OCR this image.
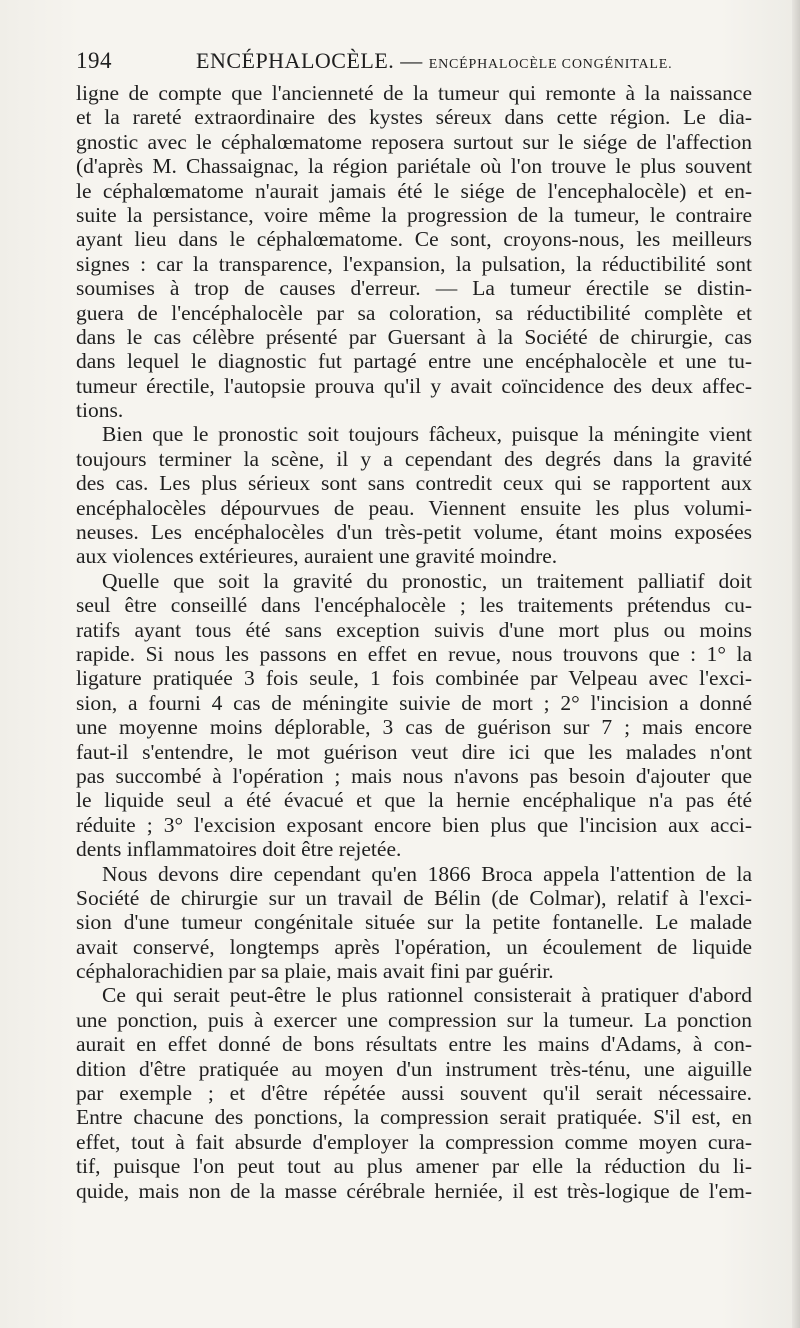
194	ENCÉPHALOCÈLE. — ENCÉPHALOCÈLE CONGÉNITALE.
ligne de compte que l'ancienneté de la tumeur qui remonte à la naissance
et la rareté extraordinaire des kystes séreux dans cette région. Le dia-
gnostic avec le céphalœmatome reposera surtout sur le siége de l'affection
(d'après M. Chassaignac, la région pariétale où l'on trouve le plus souvent
le céphalœmatome n'aurait jamais été le siége de l'encephalocèle) et en-
suite la persistance, voire même la progression de la tumeur, le contraire
ayant lieu dans le céphalœmatome. Ce sont, croyons-nous, les meilleurs
signes : car la transparence, l'expansion, la pulsation, la réductibilité sont
soumises à trop de causes d'erreur. — La tumeur érectile se distin-
guera de l'encéphalocèle par sa coloration, sa réductibilité complète et
dans le cas célèbre présenté par Guersant à la Société de chirurgie, cas
dans lequel le diagnostic fut partagé entre une encéphalocèle et une tu-
tumeur érectile, l'autopsie prouva qu'il y avait coïncidence des deux affec-
tions.
Bien que le pronostic soit toujours fâcheux, puisque la méningite vient
toujours terminer la scène, il y a cependant des degrés dans la gravité
des cas. Les plus sérieux sont sans contredit ceux qui se rapportent aux
encéphalocèles dépourvues de peau. Viennent ensuite les plus volumi-
neuses. Les encéphalocèles d'un très-petit volume, étant moins exposées
aux violences extérieures, auraient une gravité moindre.
Quelle que soit la gravité du pronostic, un traitement palliatif doit
seul être conseillé dans l'encéphalocèle ; les traitements prétendus cu-
ratifs ayant tous été sans exception suivis d'une mort plus ou moins
rapide. Si nous les passons en effet en revue, nous trouvons que : 1° la
ligature pratiquée 3 fois seule, 1 fois combinée par Velpeau avec l'exci-
sion, a fourni 4 cas de méningite suivie de mort ; 2° l'incision a donné
une moyenne moins déplorable, 3 cas de guérison sur 7 ; mais encore
faut-il s'entendre, le mot guérison veut dire ici que les malades n'ont
pas succombé à l'opération ; mais nous n'avons pas besoin d'ajouter que
le liquide seul a été évacué et que la hernie encéphalique n'a pas été
réduite ; 3° l'excision exposant encore bien plus que l'incision aux acci-
dents inflammatoires doit être rejetée.
Nous devons dire cependant qu'en 1866 Broca appela l'attention de la
Société de chirurgie sur un travail de Bélin (de Colmar), relatif à l'exci-
sion d'une tumeur congénitale située sur la petite fontanelle. Le malade
avait conservé, longtemps après l'opération, un écoulement de liquide
céphalorachidien par sa plaie, mais avait fini par guérir.
Ce qui serait peut-être le plus rationnel consisterait à pratiquer d'abord
une ponction, puis à exercer une compression sur la tumeur. La ponction
aurait en effet donné de bons résultats entre les mains d'Adams, à con-
dition d'être pratiquée au moyen d'un instrument très-ténu, une aiguille
par exemple ; et d'être répétée aussi souvent qu'il serait nécessaire.
Entre chacune des ponctions, la compression serait pratiquée. S'il est, en
effet, tout à fait absurde d'employer la compression comme moyen cura-
tif, puisque l'on peut tout au plus amener par elle la réduction du li-
quide, mais non de la masse cérébrale herniée, il est très-logique de l'em-
